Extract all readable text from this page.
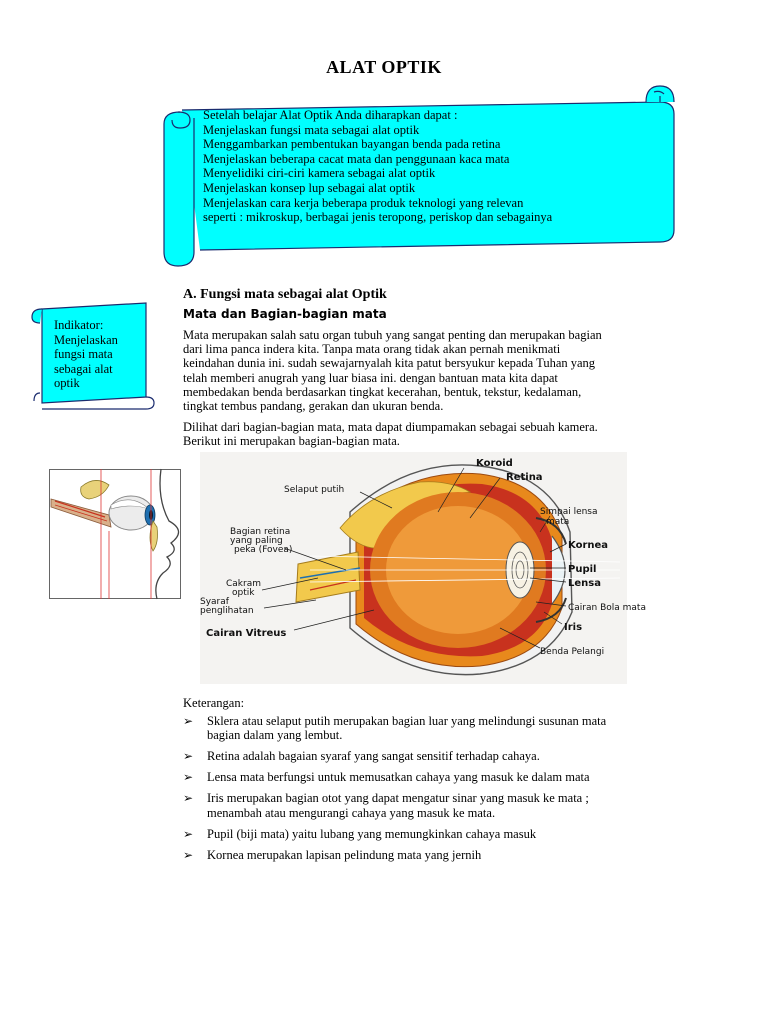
ALAT OPTIK
Setelah belajar Alat Optik Anda diharapkan dapat :
Menjelaskan fungsi mata sebagai alat optik
Menggambarkan pembentukan bayangan benda pada retina
Menjelaskan beberapa cacat mata dan penggunaan kaca mata
Menyelidiki ciri-ciri kamera sebagai alat optik
Menjelaskan konsep lup sebagai alat optik
Menjelaskan cara kerja beberapa produk teknologi yang relevan
seperti : mikroskup, berbagai jenis teropong, periskop dan sebagainya
Indikator:
Menjelaskan
fungsi mata
sebagai alat
optik
A. Fungsi mata sebagai alat Optik
Mata dan Bagian-bagian mata
Mata merupakan salah satu organ tubuh yang sangat penting dan merupakan bagian
dari lima panca indera kita. Tanpa mata orang tidak akan pernah menikmati
keindahan dunia ini. sudah sewajarnyalah kita patut bersyukur kepada Tuhan yang
telah memberi anugrah yang luar biasa ini. dengan bantuan mata kita dapat
membedakan benda berdasarkan tingkat kecerahan, bentuk, tekstur, kedalaman,
tingkat tembus pandang, gerakan dan ukuran benda.
Dilihat dari bagian-bagian mata, mata dapat diumpamakan sebagai sebuah kamera.
Berikut ini merupakan bagian-bagian mata.
Koroid
Retina
Selaput putih
Simpai lensa
mata
Kornea
Bagian retina
yang paling
peka (Fovea)
Pupil
Lensa
Cakram
optik
Syaraf
penglihatan	Cairan Bola mata
Iris
Cairan Vitreus
Benda Pelangi
Keterangan:
➢ Sklera atau selaput putih merupakan bagian luar yang melindungi susunan mata
bagian dalam yang lembut.
➢ Retina adalah bagaian syaraf yang sangat sensitif terhadap cahaya.
➢ Lensa mata berfungsi untuk memusatkan cahaya yang masuk ke dalam mata
➢ Iris merupakan bagian otot yang dapat mengatur sinar yang masuk ke mata ;
menambah atau mengurangi cahaya yang masuk ke mata.
➢ Pupil (biji mata) yaitu lubang yang memungkinkan cahaya masuk
➢ Kornea merupakan lapisan pelindung mata yang jernih
